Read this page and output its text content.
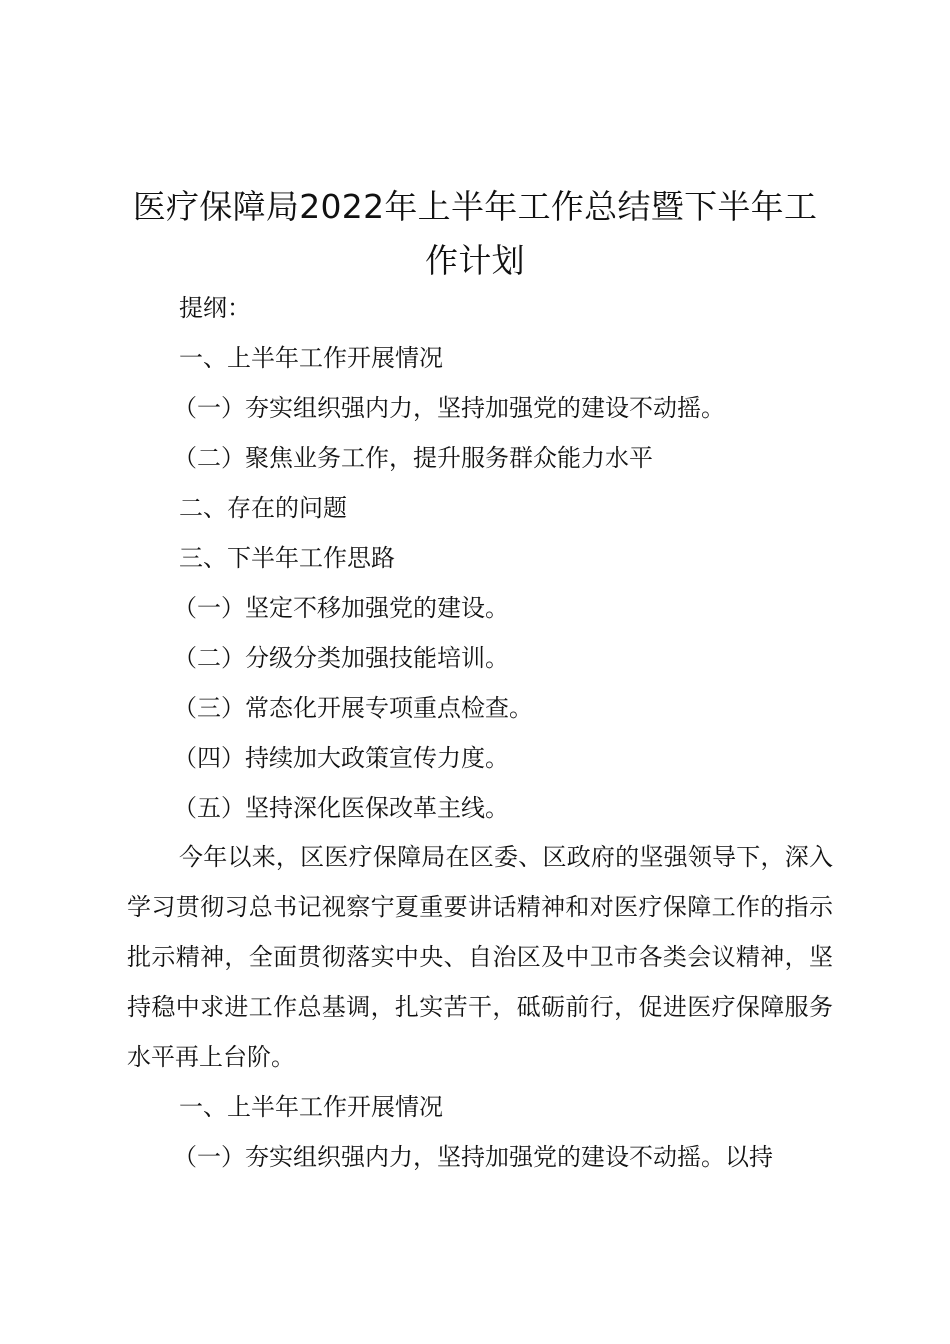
医疗保障局2022年上半年工作总结暨下半年工作计划
提纲：
一、上半年工作开展情况
（一）夯实组织强内力，坚持加强党的建设不动摇。
（二）聚焦业务工作，提升服务群众能力水平
二、存在的问题
三、下半年工作思路
（一）坚定不移加强党的建设。
（二）分级分类加强技能培训。
（三）常态化开展专项重点检查。
（四）持续加大政策宣传力度。
（五）坚持深化医保改革主线。

今年以来，区医疗保障局在区委、区政府的坚强领导下，深入学习贯彻习总书记视察宁夏重要讲话精神和对医疗保障工作的指示批示精神，全面贯彻落实中央、自治区及中卫市各类会议精神，坚持稳中求进工作总基调，扎实苦干，砥砺前行，促进医疗保障服务水平再上台阶。

一、上半年工作开展情况

（一）夯实组织强内力，坚持加强党的建设不动摇。以持
